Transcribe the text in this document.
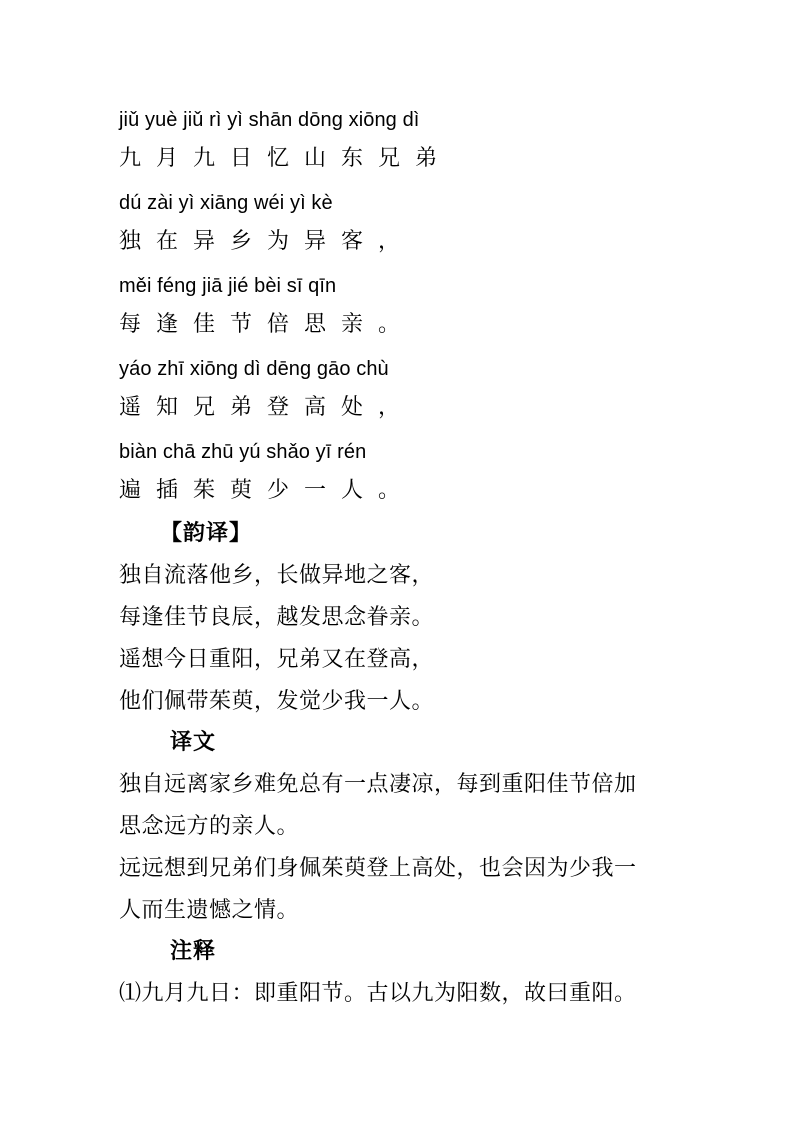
jiǔ yuè jiǔ rì yì shān dōng xiōng dì
九月九日忆山东兄弟
dú zài yì xiāng wéi yì kè
独在异乡为异客，
měi féng jiā jié bèi sī qīn
每逢佳节倍思亲。
yáo zhī xiōng dì dēng gāo chù
遥知兄弟登高处，
biàn chā zhū yú shǎo yī rén
遍插茱萸少一人。
【韵译】
独自流落他乡，长做异地之客，
每逢佳节良辰，越发思念眷亲。
遥想今日重阳，兄弟又在登高，
他们佩带茱萸，发觉少我一人。
译文
独自远离家乡难免总有一点凄凉，每到重阳佳节倍加
思念远方的亲人。
远远想到兄弟们身佩茱萸登上高处，也会因为少我一
人而生遗憾之情。
注释
⑴九月九日：即重阳节。古以九为阳数，故曰重阳。
